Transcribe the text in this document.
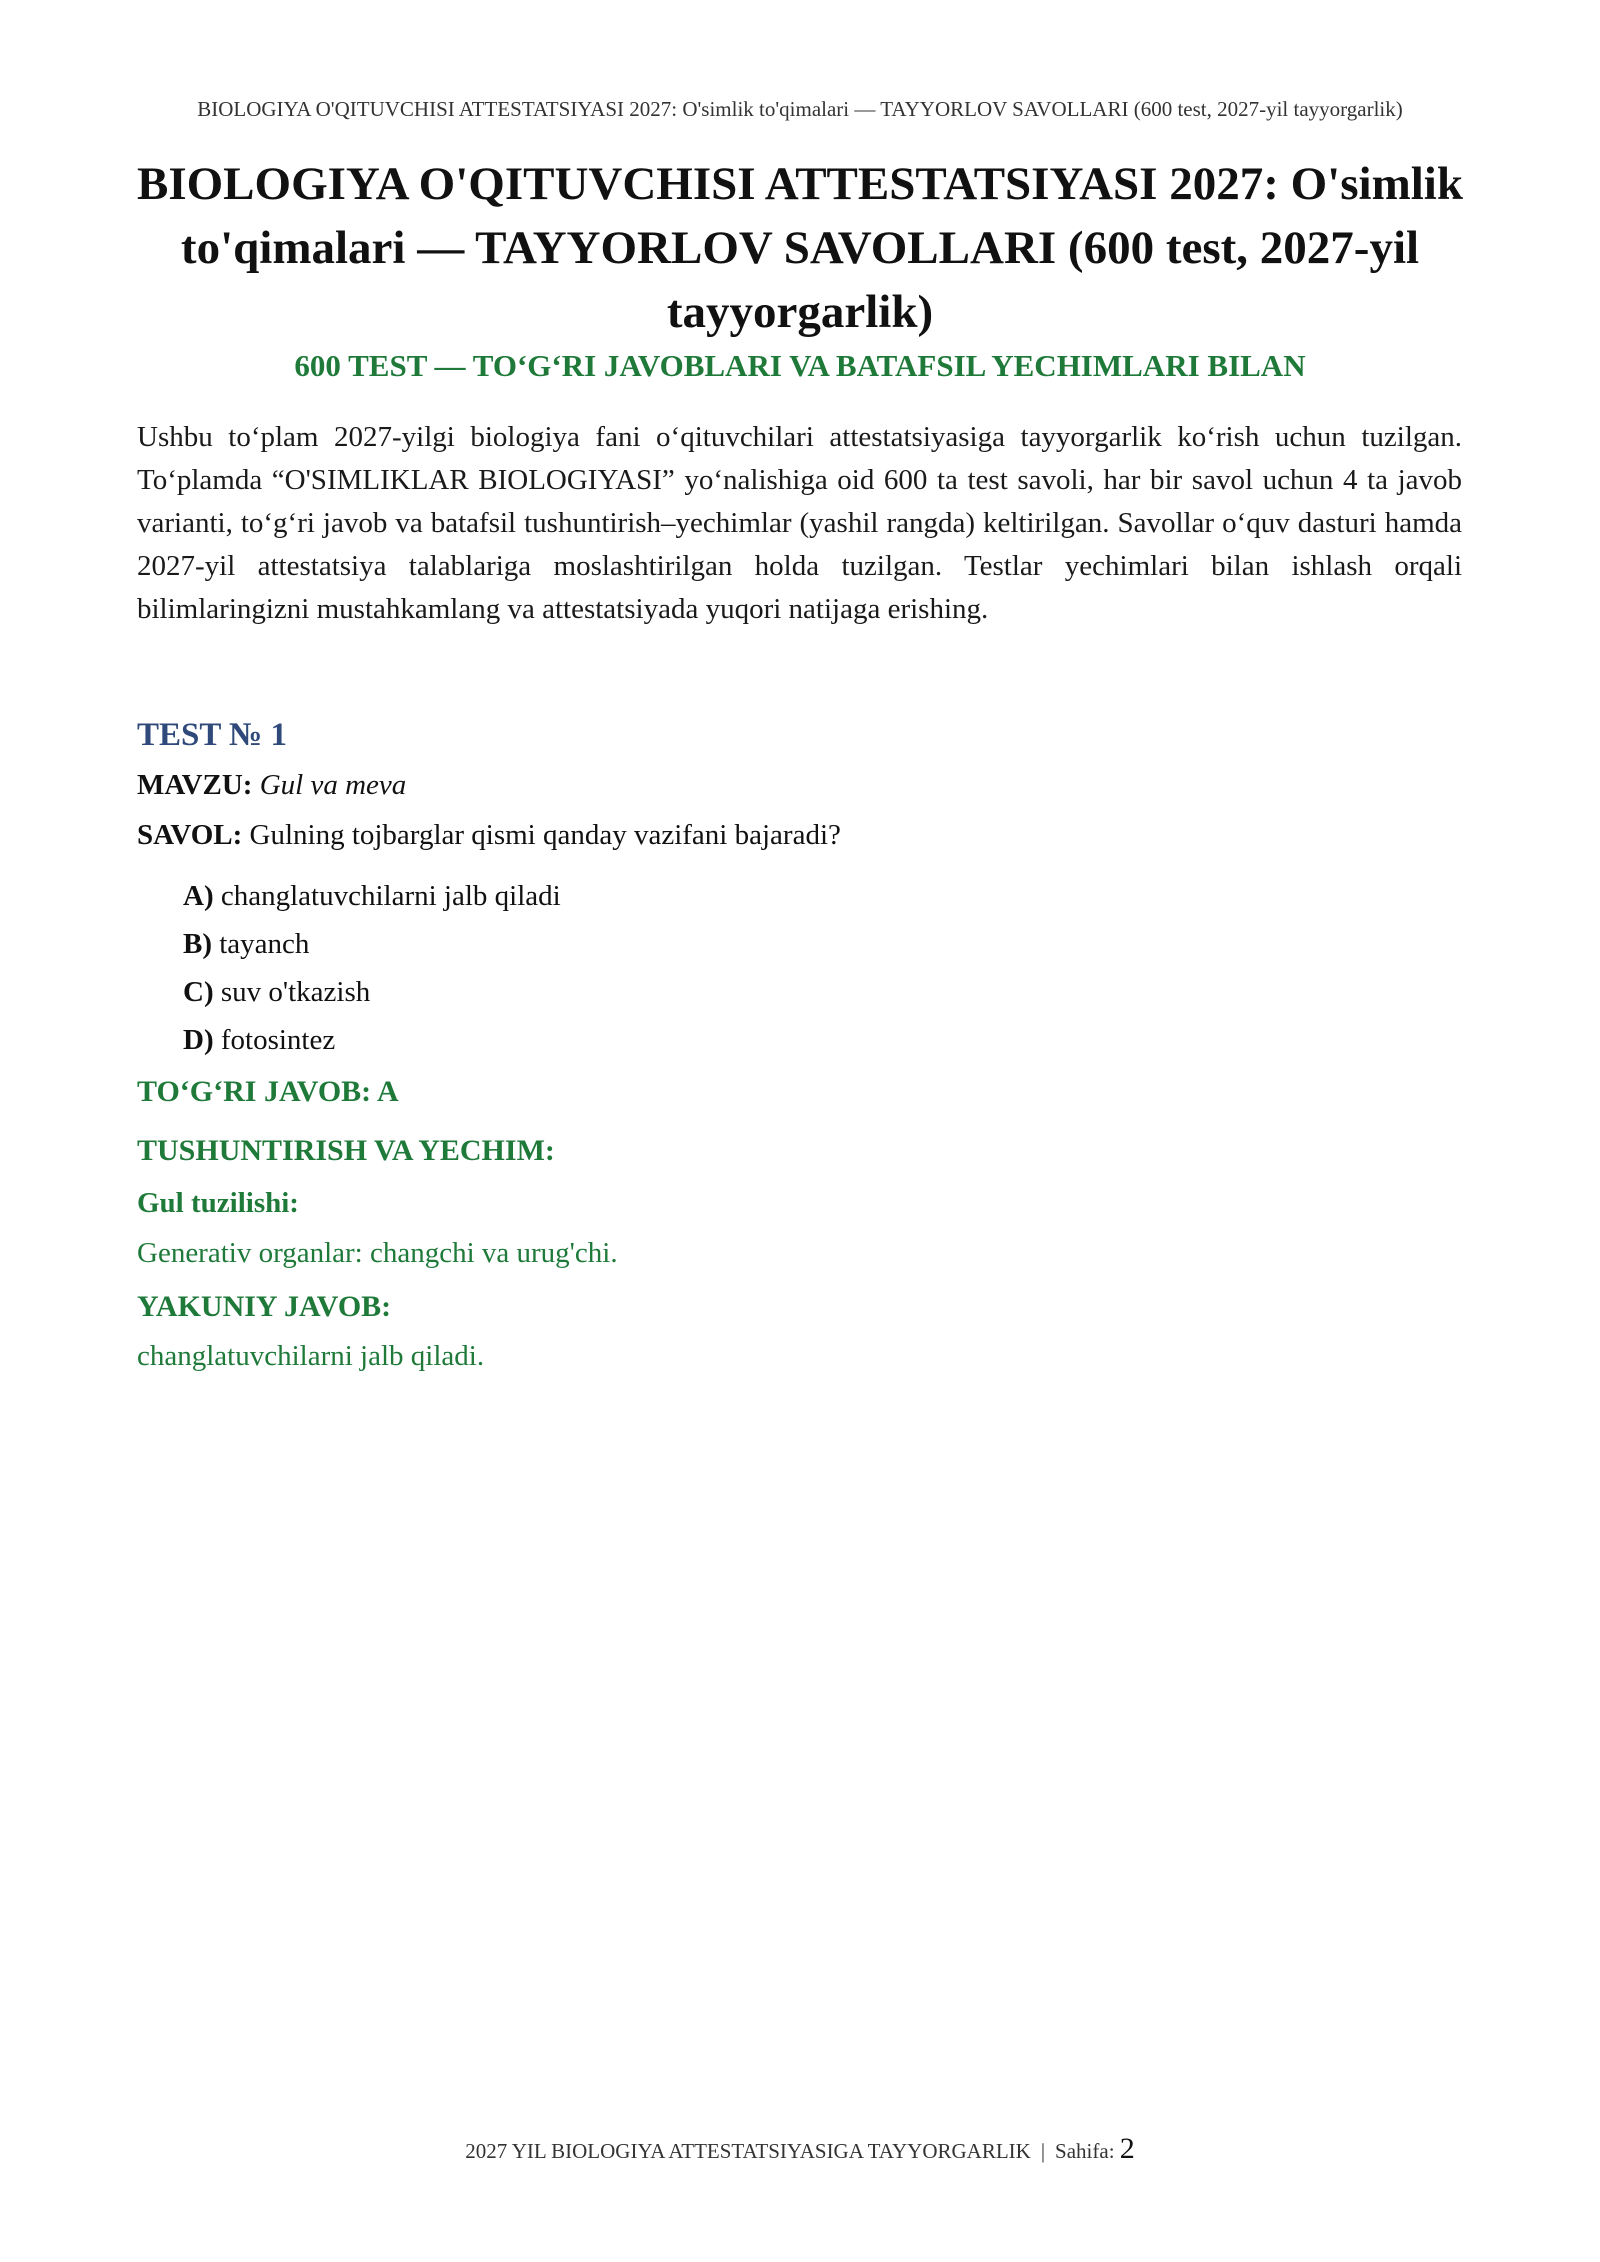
BIOLOGIYA O'QITUVCHISI ATTESTATSIYASI 2027: O'simlik to'qimalari — TAYYORLOV SAVOLLARI (600 test, 2027-yil tayyorgarlik)
BIOLOGIYA O'QITUVCHISI ATTESTATSIYASI 2027: O'simlik to'qimalari — TAYYORLOV SAVOLLARI (600 test, 2027-yil tayyorgarlik)
600 TEST — TO‘G‘RI JAVOBLARI VA BATAFSIL YECHIMLARI BILAN

Ushbu to‘plam 2027-yilgi biologiya fani o‘qituvchilari attestatsiyasiga tayyorgarlik ko‘rish uchun tuzilgan. To‘plamda “O'SIMLIKLAR BIOLOGIYASI” yo‘nalishiga oid 600 ta test savoli, har bir savol uchun 4 ta javob varianti, to‘g‘ri javob va batafsil tushuntirish–yechimlar (yashil rangda) keltirilgan. Savollar o‘quv dasturi hamda 2027-yil attestatsiya talablariga moslashtirilgan holda tuzilgan. Testlar yechimlari bilan ishlash orqali bilimlaringizni mustahkamlang va attestatsiyada yuqori natijaga erishing.

TEST № 1
MAVZU: Gul va meva
SAVOL: Gulning tojbarglar qismi qanday vazifani bajaradi?
A) changlatuvchilarni jalb qiladi
B) tayanch
C) suv o'tkazish
D) fotosintez
TO‘G‘RI JAVOB: A
TUSHUNTIRISH VA YECHIM:
Gul tuzilishi:
Generativ organlar: changchi va urug'chi.
YAKUNIY JAVOB:
changlatuvchilarni jalb qiladi.
2027 YIL BIOLOGIYA ATTESTATSIYASIGA TAYYORGARLIK | Sahifa: 2
